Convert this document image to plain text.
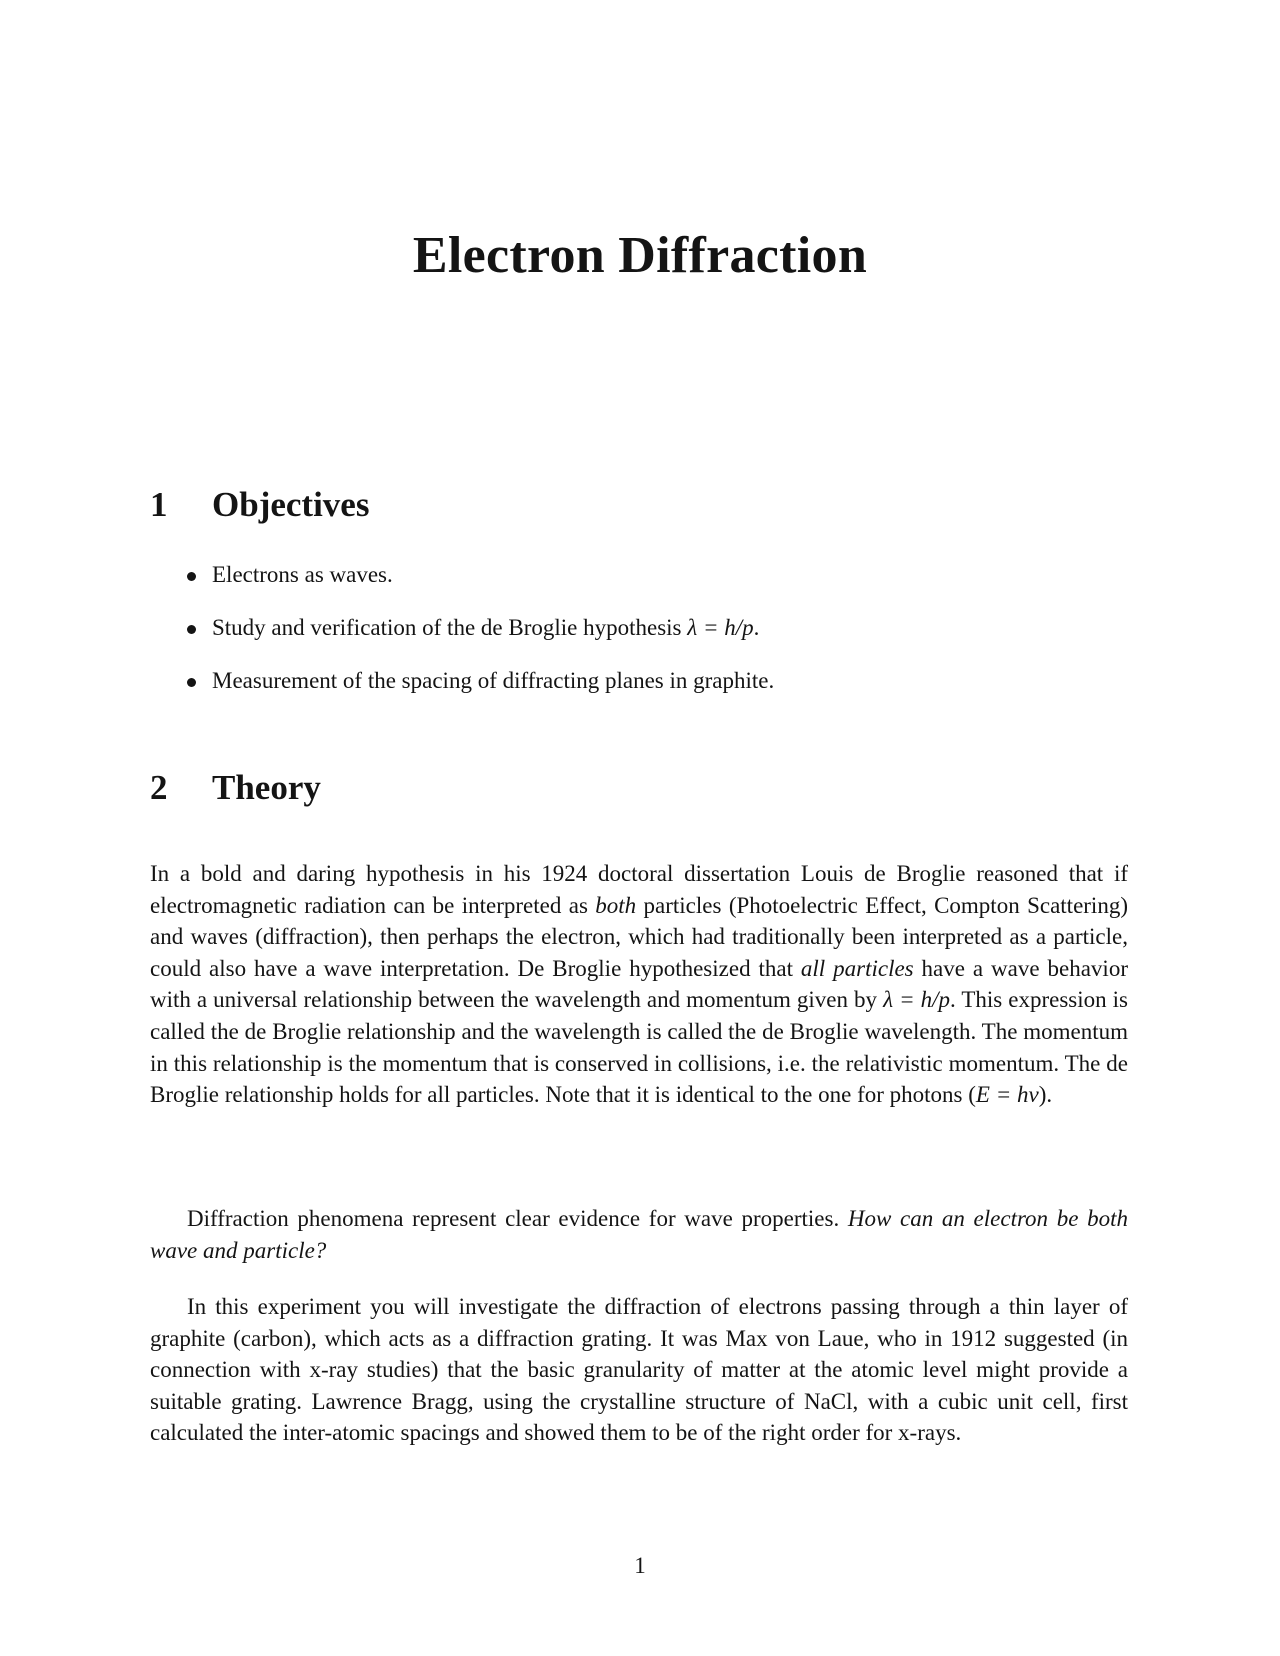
Electron Diffraction
1 Objectives
Electrons as waves.
Study and verification of the de Broglie hypothesis λ = h/p.
Measurement of the spacing of diffracting planes in graphite.
2 Theory

In a bold and daring hypothesis in his 1924 doctoral dissertation Louis de Broglie reasoned that if electromagnetic radiation can be interpreted as both particles (Photoelectric Effect, Compton Scattering) and waves (diffraction), then perhaps the electron, which had traditionally been interpreted as a particle, could also have a wave interpretation. De Broglie hypothesized that all particles have a wave behavior with a universal relationship between the wavelength and momentum given by λ = h/p. This expression is called the de Broglie relationship and the wavelength is called the de Broglie wavelength. The momentum in this relationship is the momentum that is conserved in collisions, i.e. the relativistic momentum. The de Broglie relationship holds for all particles. Note that it is identical to the one for photons (E = hν).

Diffraction phenomena represent clear evidence for wave properties. How can an electron be both wave and particle?

In this experiment you will investigate the diffraction of electrons passing through a thin layer of graphite (carbon), which acts as a diffraction grating. It was Max von Laue, who in 1912 suggested (in connection with x-ray studies) that the basic granularity of matter at the atomic level might provide a suitable grating. Lawrence Bragg, using the crystalline structure of NaCl, with a cubic unit cell, first calculated the inter-atomic spacings and showed them to be of the right order for x-rays.

1
